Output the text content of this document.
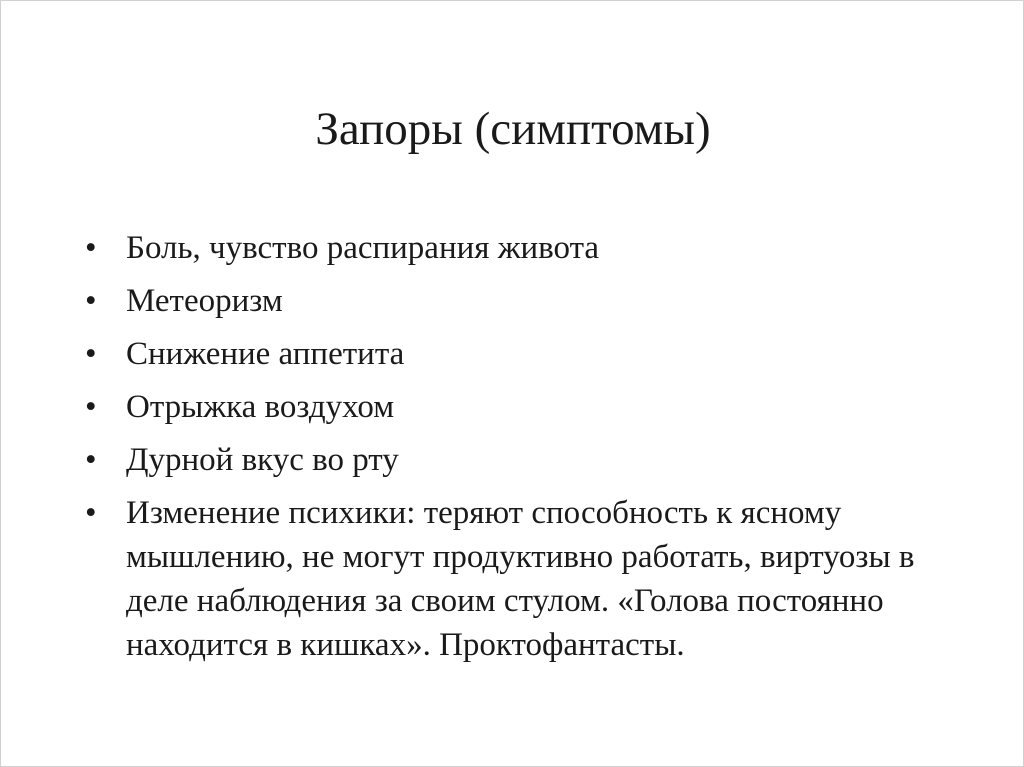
Запоры (симптомы)
• Боль, чувство распирания живота
• Метеоризм
• Снижение аппетита
• Отрыжка воздухом
• Дурной вкус во рту
• Изменение психики: теряют способность к ясному мышлению, не могут продуктивно работать, виртуозы в деле наблюдения за своим стулом. «Голова постоянно находится в кишках». Проктофантасты.
